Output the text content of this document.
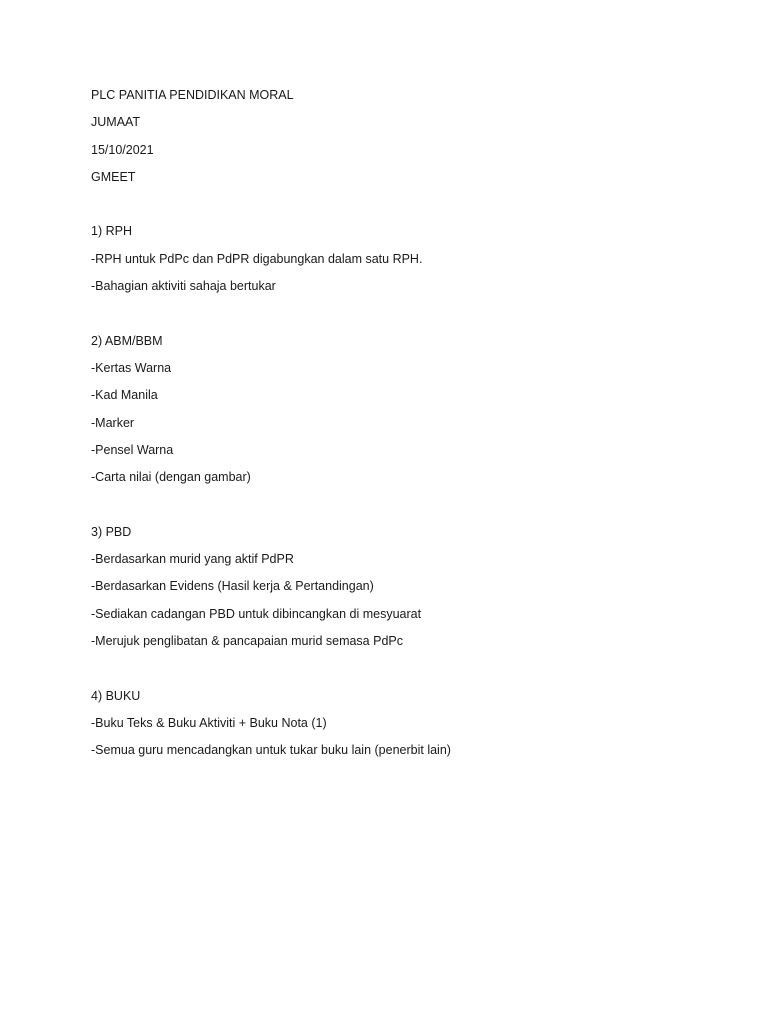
PLC PANITIA PENDIDIKAN MORAL
JUMAAT
15/10/2021
GMEET
1) RPH
-RPH untuk PdPc dan PdPR digabungkan dalam satu RPH.
-Bahagian aktiviti sahaja bertukar
2) ABM/BBM
-Kertas Warna
-Kad Manila
-Marker
-Pensel Warna
-Carta nilai (dengan gambar)
3) PBD
-Berdasarkan murid yang aktif PdPR
-Berdasarkan Evidens (Hasil kerja & Pertandingan)
-Sediakan cadangan PBD untuk dibincangkan di mesyuarat
-Merujuk penglibatan & pancapaian murid semasa PdPc
4) BUKU
-Buku Teks & Buku Aktiviti + Buku Nota (1)
-Semua guru mencadangkan untuk tukar buku lain (penerbit lain)
